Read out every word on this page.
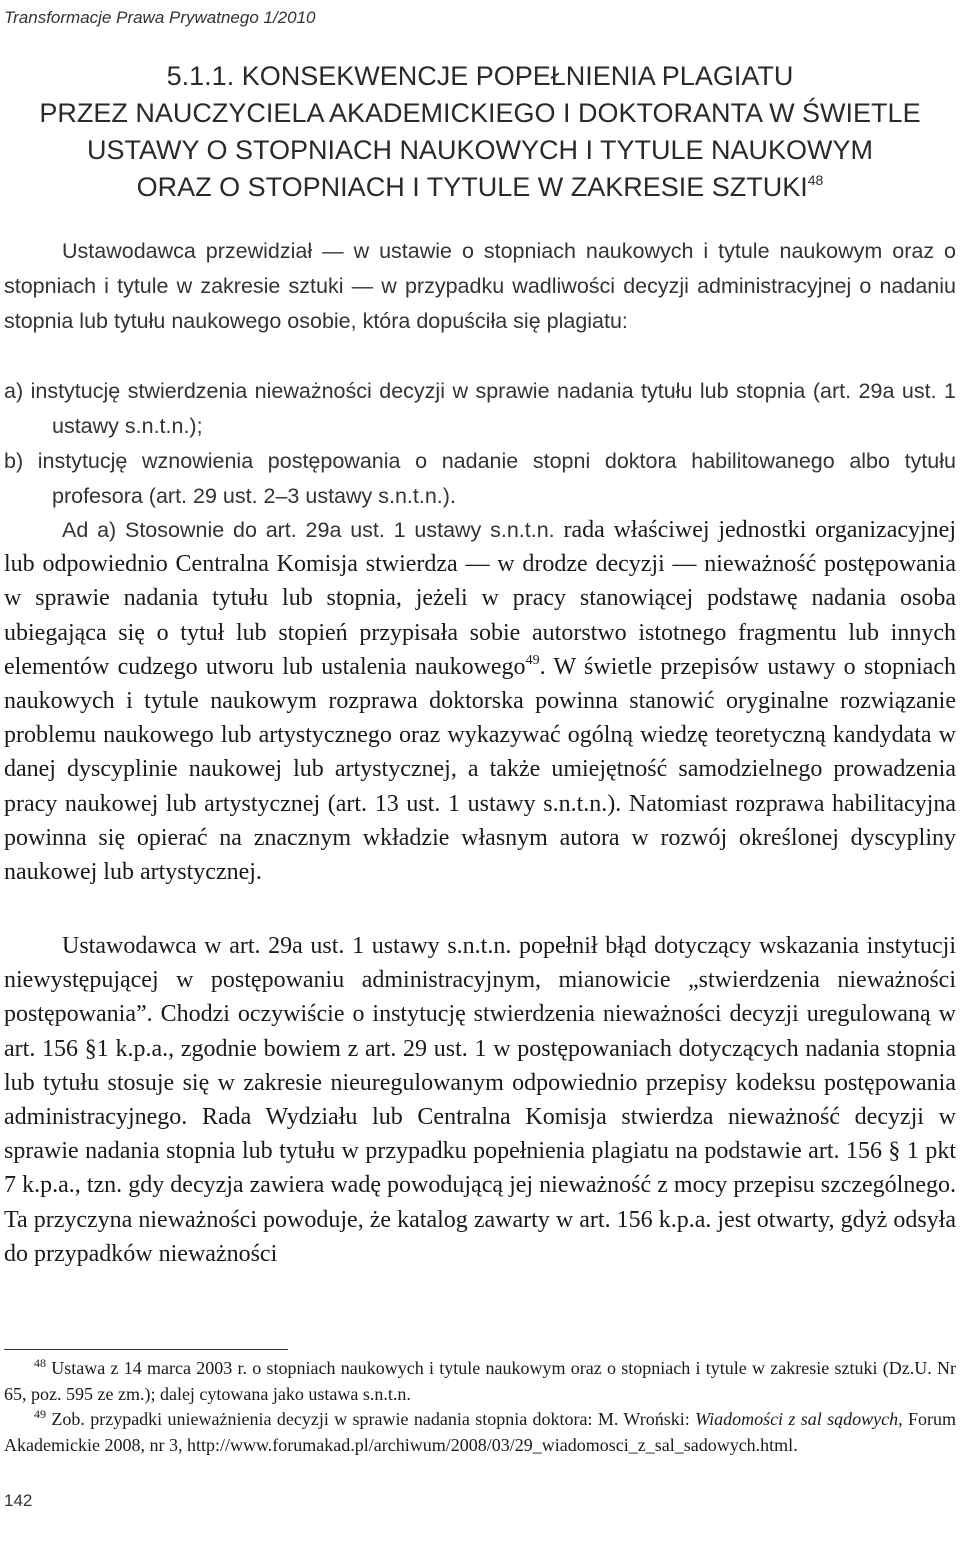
Transformacje Prawa Prywatnego 1/2010
5.1.1. KONSEKWENCJE POPEŁNIENIA PLAGIATU
PRZEZ NAUCZYCIELA AKADEMICKIEGO I DOKTORANTA W ŚWIETLE
USTAWY O STOPNIACH NAUKOWYCH I TYTULE NAUKOWYM
ORAZ O STOPNIACH I TYTULE W ZAKRESIE SZTUKI$^{48}$
Ustawodawca przewidział — w ustawie o stopniach naukowych i tytule naukowym oraz o stopniach i tytule w zakresie sztuki — w przypadku wadliwości decyzji administracyjnej o nadaniu stopnia lub tytułu naukowego osobie, która dopuściła się plagiatu:
a) instytucję stwierdzenia nieważności decyzji w sprawie nadania tytułu lub stopnia (art. 29a ust. 1 ustawy s.n.t.n.);
b) instytucję wznowienia postępowania o nadanie stopni doktora habilitowanego albo tytułu profesora (art. 29 ust. 2–3 ustawy s.n.t.n.).
Ad a) Stosownie do art. 29a ust. 1 ustawy s.n.t.n. rada właściwej jednostki organizacyjnej lub odpowiednio Centralna Komisja stwierdza — w drodze decyzji — nieważność postępowania w sprawie nadania tytułu lub stopnia, jeżeli w pracy stanowiącej podstawę nadania osoba ubiegająca się o tytuł lub stopień przypisała sobie autorstwo istotnego fragmentu lub innych elementów cudzego utworu lub ustalenia naukowego$^{49}$. W świetle przepisów ustawy o stopniach naukowych i tytule naukowym rozprawa doktorska powinna stanowić oryginalne rozwiązanie problemu naukowego lub artystycznego oraz wykazywać ogólną wiedzę teoretyczną kandydata w danej dyscyplinie naukowej lub artystycznej, a także umiejętność samodzielnego prowadzenia pracy naukowej lub artystycznej (art. 13 ust. 1 ustawy s.n.t.n.). Natomiast rozprawa habilitacyjna powinna się opierać na znacznym wkładzie własnym autora w rozwój określonej dyscypliny naukowej lub artystycznej.
Ustawodawca w art. 29a ust. 1 ustawy s.n.t.n. popełnił błąd dotyczący wskazania instytucji niewystępującej w postępowaniu administracyjnym, mianowicie „stwierdzenia nieważności postępowania”. Chodzi oczywiście o instytucję stwierdzenia nieważności decyzji uregulowaną w art. 156 §1 k.p.a., zgodnie bowiem z art. 29 ust. 1 w postępowaniach dotyczących nadania stopnia lub tytułu stosuje się w zakresie nieuregulowanym odpowiednio przepisy kodeksu postępowania administracyjnego. Rada Wydziału lub Centralna Komisja stwierdza nieważność decyzji w sprawie nadania stopnia lub tytułu w przypadku popełnienia plagiatu na podstawie art. 156 § 1 pkt 7 k.p.a., tzn. gdy decyzja zawiera wadę powodującą jej nieważność z mocy przepisu szczególnego. Ta przyczyna nieważności powoduje, że katalog zawarty w art. 156 k.p.a. jest otwarty, gdyż odsyła do przypadków nieważności
$^{48}$ Ustawa z 14 marca 2003 r. o stopniach naukowych i tytule naukowym oraz o stopniach i tytule w zakresie sztuki (Dz.U. Nr 65, poz. 595 ze zm.); dalej cytowana jako ustawa s.n.t.n.
$^{49}$ Zob. przypadki unieważnienia decyzji w sprawie nadania stopnia doktora: M. Wroński: Wiadomości z sal sądowych, Forum Akademickie 2008, nr 3, http://www.forumakad.pl/archiwum/2008/03/29_wiadomosci_z_sal_sadowych.html.
142
